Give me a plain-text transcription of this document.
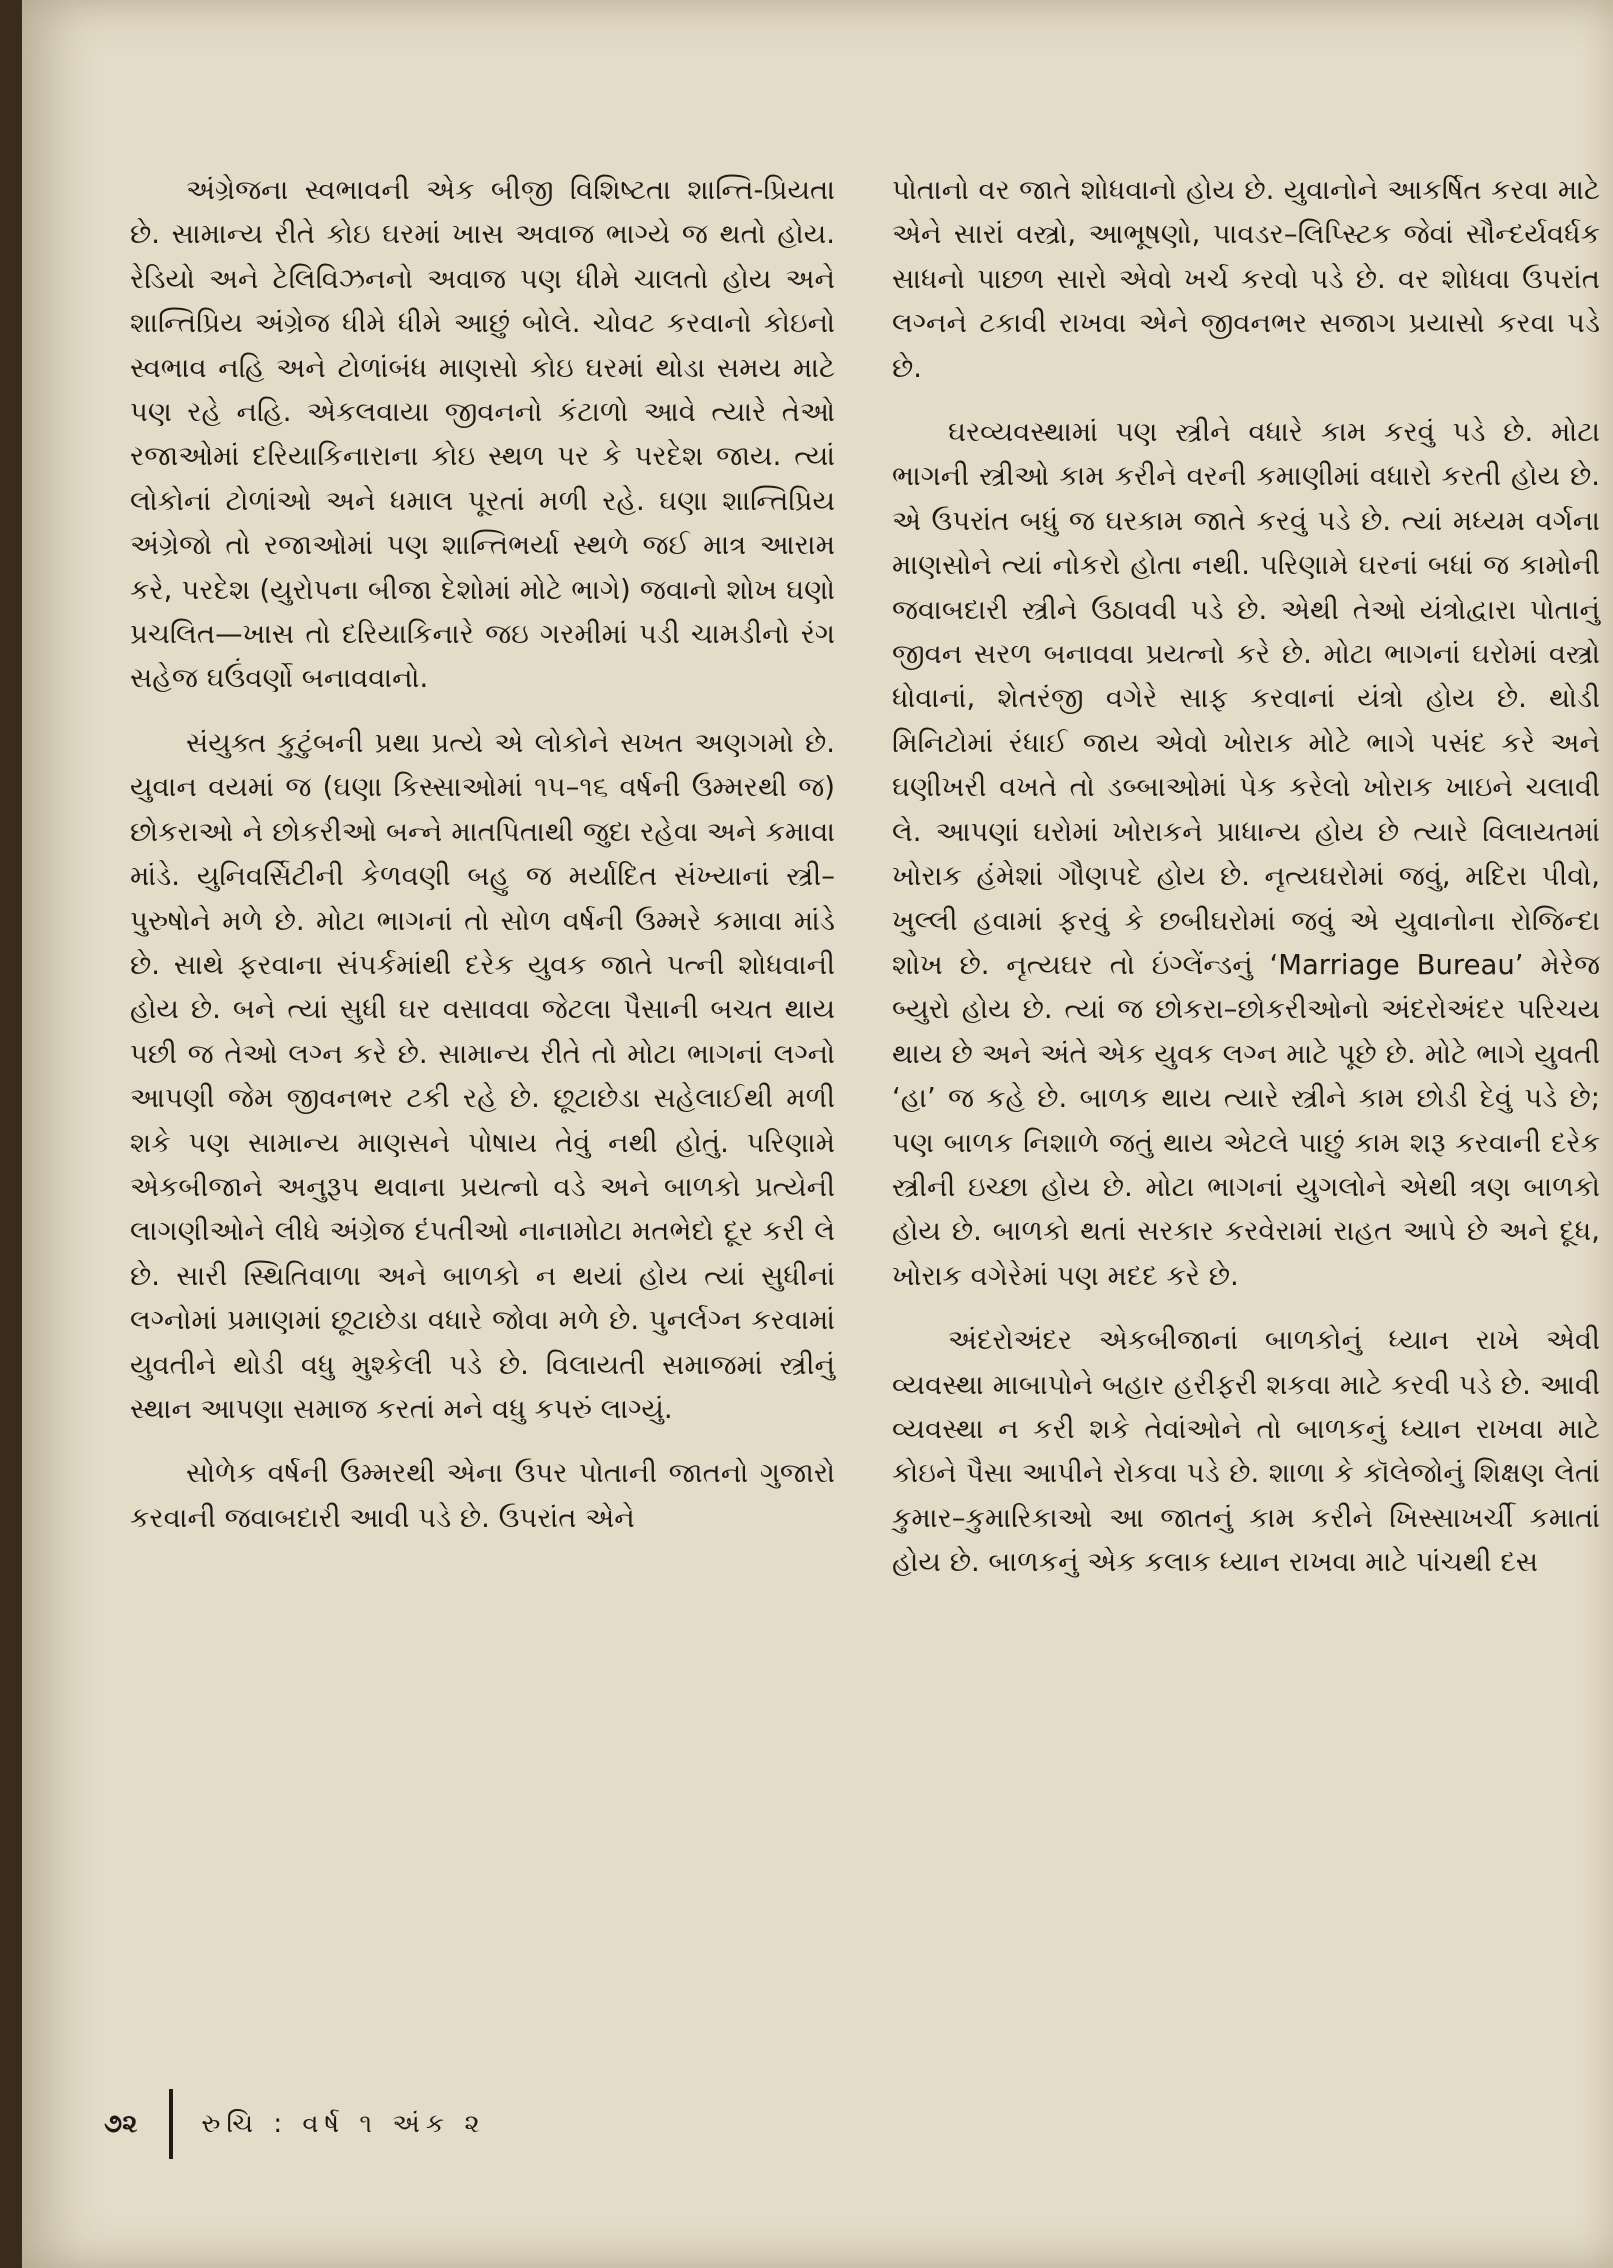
અંગ્રેજના સ્વભાવની એક બીજી વિશિષ્ટતા શાન્તિ-પ્રિયતા છે. સામાન્ય રીતે કોઇ ઘરમાં ખાસ અવાજ ભાગ્યે જ થતો હોય. રેડિયો અને ટેલિવિઝનનો અવાજ પણ ધીમે ચાલતો હોય અને શાન્તિપ્રિય અંગ્રેજ ધીમે ધીમે આછું બોલે. ચોવટ કરવાનો કોઇનો સ્વભાવ નહિ અને ટોળાંબંધ માણસો કોઇ ઘરમાં થોડા સમય માટે પણ રહે નહિ. એકલવાયા જીવનનો કંટાળો આવે ત્યારે તેઓ રજાઓમાં દરિયાકિનારાના કોઇ સ્થળ પર કે પરદેશ જાય. ત્યાં લોકોનાં ટોળાંઓ અને ધમાલ પૂરતાં મળી રહે. ઘણા શાન્તિપ્રિય અંગ્રેજો તો રજાઓમાં પણ શાન્તિભર્યા સ્થળે જઈ માત્ર આરામ કરે, પરદેશ (યુરોપના બીજા દેશોમાં મોટે ભાગે) જવાનો શોખ ઘણો પ્રચલિત—ખાસ તો દરિયાકિનારે જઇ ગરમીમાં પડી ચામડીનો રંગ સહેજ ઘઉંવર્ણો બનાવવાનો.

સંયુક્ત કુટુંબની પ્રથા પ્રત્યે એ લોકોને સખત અણગમો છે. યુવાન વયમાં જ (ઘણા કિસ્સાઓમાં ૧૫–૧૬ વર્ષની ઉમ્મરથી જ) છોકરાઓ ને છોકરીઓ બન્ને માતપિતાથી જુદા રહેવા અને કમાવા માંડે. યુનિવર્સિટીની કેળવણી બહુ જ મર્યાદિત સંખ્યાનાં સ્ત્રી–પુરુષોને મળે છે. મોટા ભાગનાં તો સોળ વર્ષની ઉમ્મરે કમાવા માંડે છે. સાથે ફરવાના સંપર્કમાંથી દરેક યુવક જાતે પત્ની શોધવાની હોય છે. બને ત્યાં સુધી ઘર વસાવવા જેટલા પૈસાની બચત થાય પછી જ તેઓ લગ્ન કરે છે. સામાન્ય રીતે તો મોટા ભાગનાં લગ્નો આપણી જેમ જીવનભર ટકી રહે છે. છૂટાછેડા સહેલાઈથી મળી શકે પણ સામાન્ય માણસને પોષાય તેવું નથી હોતું. પરિણામે એકબીજાને અનુરૂપ થવાના પ્રયત્નો વડે અને બાળકો પ્રત્યેની લાગણીઓને લીધે અંગ્રેજ દંપતીઓ નાનામોટા મતભેદો દૂર કરી લે છે. સારી સ્થિતિવાળા અને બાળકો ન થયાં હોય ત્યાં સુધીનાં લગ્નોમાં પ્રમાણમાં છૂટાછેડા વધારે જોવા મળે છે. પુનર્લગ્ન કરવામાં યુવતીને થોડી વધુ મુશ્કેલી પડે છે. વિલાયતી સમાજમાં સ્ત્રીનું સ્થાન આપણા સમાજ કરતાં મને વધુ કપરું લાગ્યું.

સોળેક વર્ષની ઉમ્મરથી એના ઉપર પોતાની જાતનો ગુજારો કરવાની જવાબદારી આવી પડે છે. ઉપરાંત એને

પોતાનો વર જાતે શોધવાનો હોય છે. યુવાનોને આકર્ષિત કરવા માટે એને સારાં વસ્ત્રો, આભૂષણો, પાવડર–લિપ્સ્ટિક જેવાં સૌન્દર્યવર્ધક સાધનો પાછળ સારો એવો ખર્ચ કરવો પડે છે. વર શોધવા ઉપરાંત લગ્નને ટકાવી રાખવા એને જીવનભર સજાગ પ્રયાસો કરવા પડે છે.

ઘરવ્યવસ્થામાં પણ સ્ત્રીને વધારે કામ કરવું પડે છે. મોટા ભાગની સ્ત્રીઓ કામ કરીને વરની કમાણીમાં વધારો કરતી હોય છે. એ ઉપરાંત બધું જ ઘરકામ જાતે કરવું પડે છે. ત્યાં મધ્યમ વર્ગના માણસોને ત્યાં નોકરો હોતા નથી. પરિણામે ઘરનાં બધાં જ કામોની જવાબદારી સ્ત્રીને ઉઠાવવી પડે છે. એથી તેઓ યંત્રોદ્વારા પોતાનું જીવન સરળ બનાવવા પ્રયત્નો કરે છે. મોટા ભાગનાં ઘરોમાં વસ્ત્રો ધોવાનાં, શેતરંજી વગેરે સાફ કરવાનાં યંત્રો હોય છે. થોડી મિનિટોમાં રંધાઈ જાય એવો ખોરાક મોટે ભાગે પસંદ કરે અને ઘણીખરી વખતે તો ડબ્બાઓમાં પેક કરેલો ખોરાક ખાઇને ચલાવી લે. આપણાં ઘરોમાં ખોરાકને પ્રાધાન્ય હોય છે ત્યારે વિલાયતમાં ખોરાક હંમેશાં ગૌણપદે હોય છે. નૃત્યઘરોમાં જવું, મદિરા પીવો, ખુલ્લી હવામાં ફરવું કે છબીઘરોમાં જવું એ યુવાનોના રોજિન્દા શોખ છે. નૃત્યઘર તો ઇંગ્લેંન્ડનું ‘Marriage Bureau’ મેરેજ બ્યુરો હોય છે. ત્યાં જ છોકરા–છોકરીઓનો અંદરોઅંદર પરિચય થાય છે અને અંતે એક યુવક લગ્ન માટે પૂછે છે. મોટે ભાગે યુવતી ‘હા’ જ કહે છે. બાળક થાય ત્યારે સ્ત્રીને કામ છોડી દેવું પડે છે; પણ બાળક નિશાળે જતું થાય એટલે પાછું કામ શરૂ કરવાની દરેક સ્ત્રીની ઇચ્છા હોય છે. મોટા ભાગનાં યુગલોને એથી ત્રણ બાળકો હોય છે. બાળકો થતાં સરકાર કરવેરામાં રાહત આપે છે અને દૂધ, ખોરાક વગેરેમાં પણ મદદ કરે છે.

અંદરોઅંદર એકબીજાનાં બાળકોનું ધ્યાન રાખે એવી વ્યવસ્થા માબાપોને બહાર હરીફરી શકવા માટે કરવી પડે છે. આવી વ્યવસ્થા ન કરી શકે તેવાંઓને તો બાળકનું ધ્યાન રાખવા માટે કોઇને પૈસા આપીને રોકવા પડે છે. શાળા કે કૉલેજોનું શિક્ષણ લેતાં કુમાર–કુમારિકાઓ આ જાતનું કામ કરીને ખિસ્સાખર્ચી કમાતાં હોય છે. બાળકનું એક કલાક ધ્યાન રાખવા માટે પાંચથી દસ

૭૨ રુચિ : વર્ષ ૧ અંક ૨
